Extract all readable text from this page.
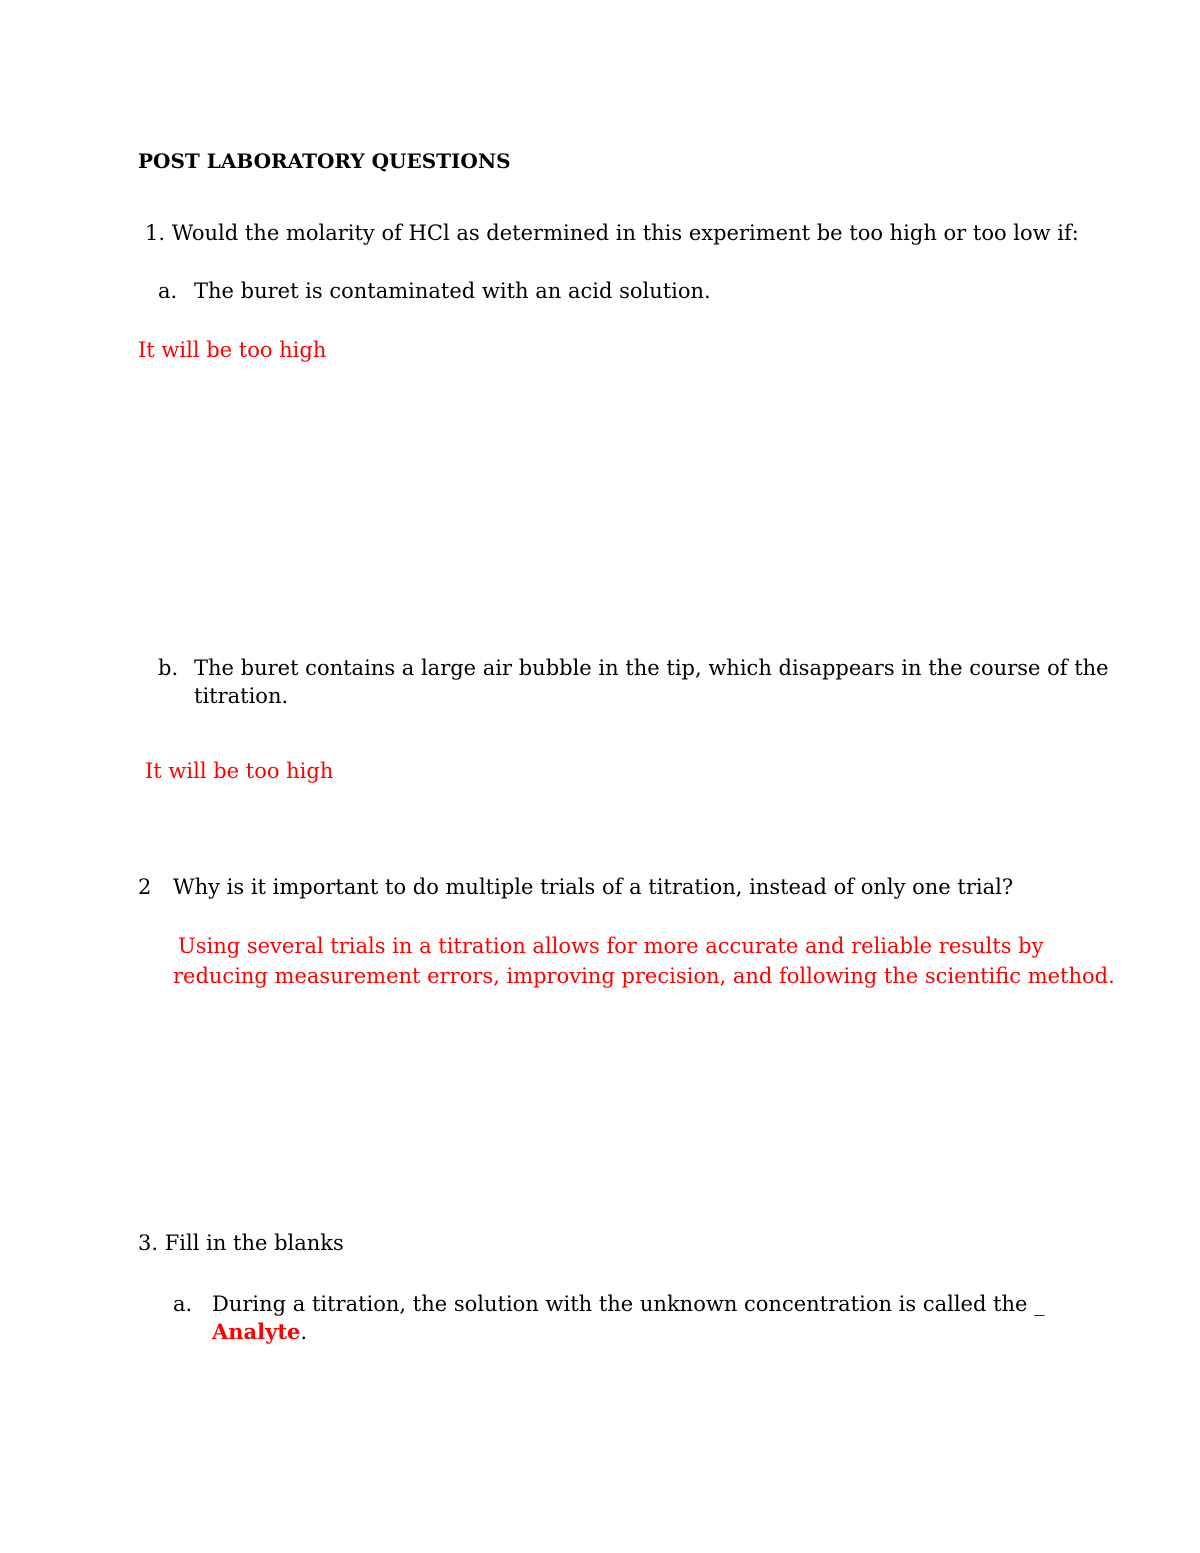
POST LABORATORY QUESTIONS
1. Would the molarity of HCl as determined in this experiment be too high or too low if:
a. The buret is contaminated with an acid solution.
It will be too high
b. The buret contains a large air bubble in the tip, which disappears in the course of the
titration.
It will be too high
2 Why is it important to do multiple trials of a titration, instead of only one trial?
Using several trials in a titration allows for more accurate and reliable results by
reducing measurement errors, improving precision, and following the scientific method.
3. Fill in the blanks
a. During a titration, the solution with the unknown concentration is called the _
Analyte.
